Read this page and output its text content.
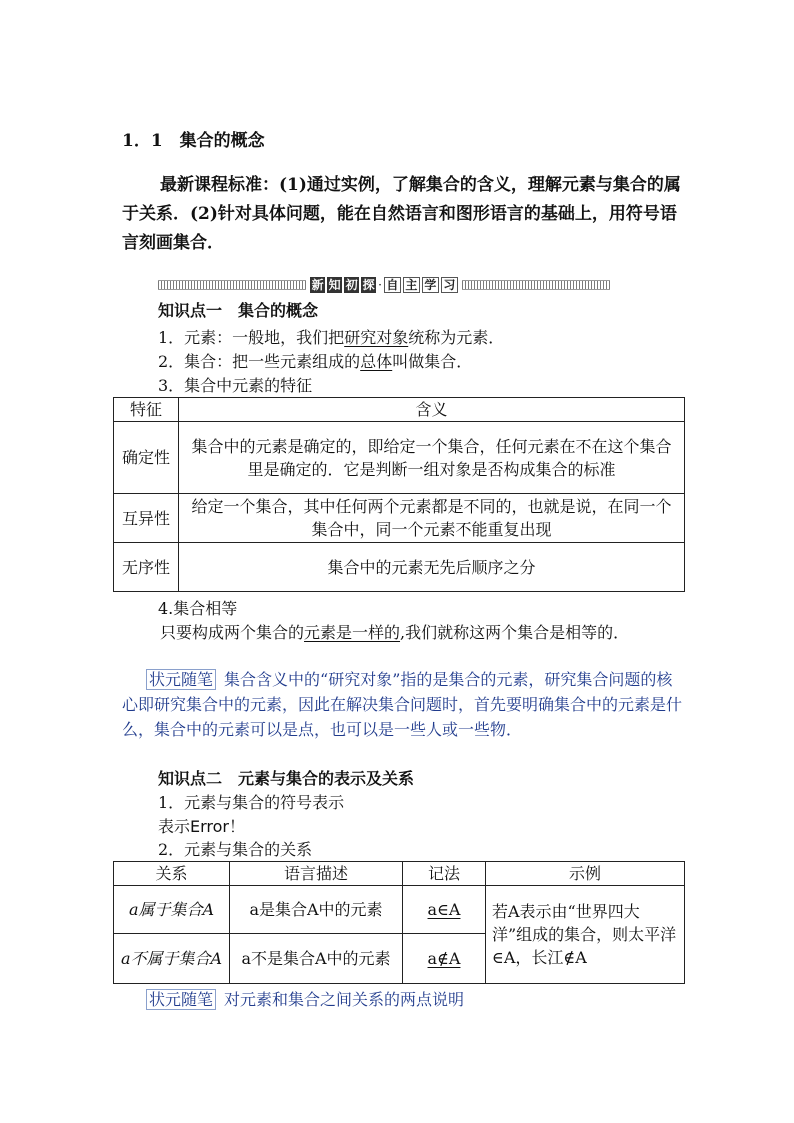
1．1　集合的概念
最新课程标准：(1)通过实例，了解集合的含义，理解元素与集合的属于关系．(2)针对具体问题，能在自然语言和图形语言的基础上，用符号语言刻画集合．
新 知 初 探 · 自 主 学 习
知识点一　集合的概念
1．元素：一般地，我们把研究对象统称为元素．
2．集合：把一些元素组成的总体叫做集合．
3．集合中元素的特征
特征	含义
确定性	集合中的元素是确定的，即给定一个集合，任何元素在不在这个集合里是确定的．它是判断一组对象是否构成集合的标准
互异性	给定一个集合，其中任何两个元素都是不同的，也就是说，在同一个集合中，同一个元素不能重复出现
无序性	集合中的元素无先后顺序之分
4.集合相等
只要构成两个集合的元素是一样的,我们就称这两个集合是相等的．
状元随笔 集合含义中的“研究对象”指的是集合的元素，研究集合问题的核心即研究集合中的元素，因此在解决集合问题时，首先要明确集合中的元素是什么，集合中的元素可以是点，也可以是一些人或一些物．
知识点二　元素与集合的表示及关系
1．元素与集合的符号表示
表示Error！
2．元素与集合的关系
关系	语言描述	记法	示例
a属于集合A	a是集合A中的元素	a∈A	若A表示由“世界四大洋”组成的集合，则太平洋∈A，长江∉A
a不属于集合A	a不是集合A中的元素	a∉A	
状元随笔 对元素和集合之间关系的两点说明
